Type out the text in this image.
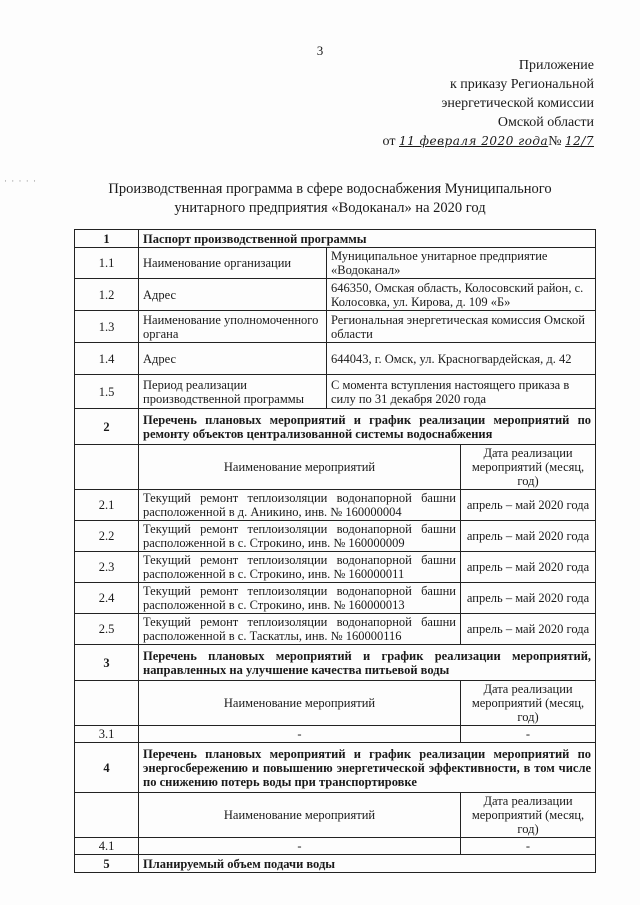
3
Приложение
к приказу Региональной
энергетической комиссии
Омской области
от 11 февраля 2020 года№ 12/7
· · · · ·	Производственная программа в сфере водоснабжения Муниципального
унитарного предприятия «Водоканал» на 2020 год
1	Паспорт производственной программы		
1.1	Наименование организации	Муниципальное унитарное предприятие «Водоканал»	
1.2	Адрес	646350, Омская область, Колосовский район, с. Колосовка, ул. Кирова, д. 109 «Б»	
1.3	Наименование уполномоченного органа	Региональная энергетическая комиссия Омской области	
1.4	Адрес	644043, г. Омск, ул. Красногвардейская, д. 42	
1.5	Период реализации производственной программы	С момента вступления настоящего приказа в силу по 31 декабря 2020 года	
2	Перечень плановых мероприятий и график реализации мероприятий по ремонту объектов централизованной системы водоснабжения		
	Наименование мероприятий		Дата реализации мероприятий (месяц, год)
2.1	Текущий ремонт теплоизоляции водонапорной башни расположенной в д. Аникино, инв. № 160000004		апрель – май 2020 года
2.2	Текущий ремонт теплоизоляции водонапорной башни расположенной в с. Строкино, инв. № 160000009		апрель – май 2020 года
2.3	Текущий ремонт теплоизоляции водонапорной башни расположенной в с. Строкино, инв. № 160000011		апрель – май 2020 года
2.4	Текущий ремонт теплоизоляции водонапорной башни расположенной в с. Строкино, инв. № 160000013		апрель – май 2020 года
2.5	Текущий ремонт теплоизоляции водонапорной башни расположенной в с. Таскатлы, инв. № 160000116		апрель – май 2020 года
3	Перечень плановых мероприятий и график реализации мероприятий, направленных на улучшение качества питьевой воды		
	Наименование мероприятий		Дата реализации мероприятий (месяц, год)
3.1	-		-
4	Перечень плановых мероприятий и график реализации мероприятий по энергосбережению и повышению энергетической эффективности, в том числе по снижению потерь воды при транспортировке		
	Наименование мероприятий		Дата реализации мероприятий (месяц, год)
4.1	-		-
5	Планируемый объем подачи воды		
